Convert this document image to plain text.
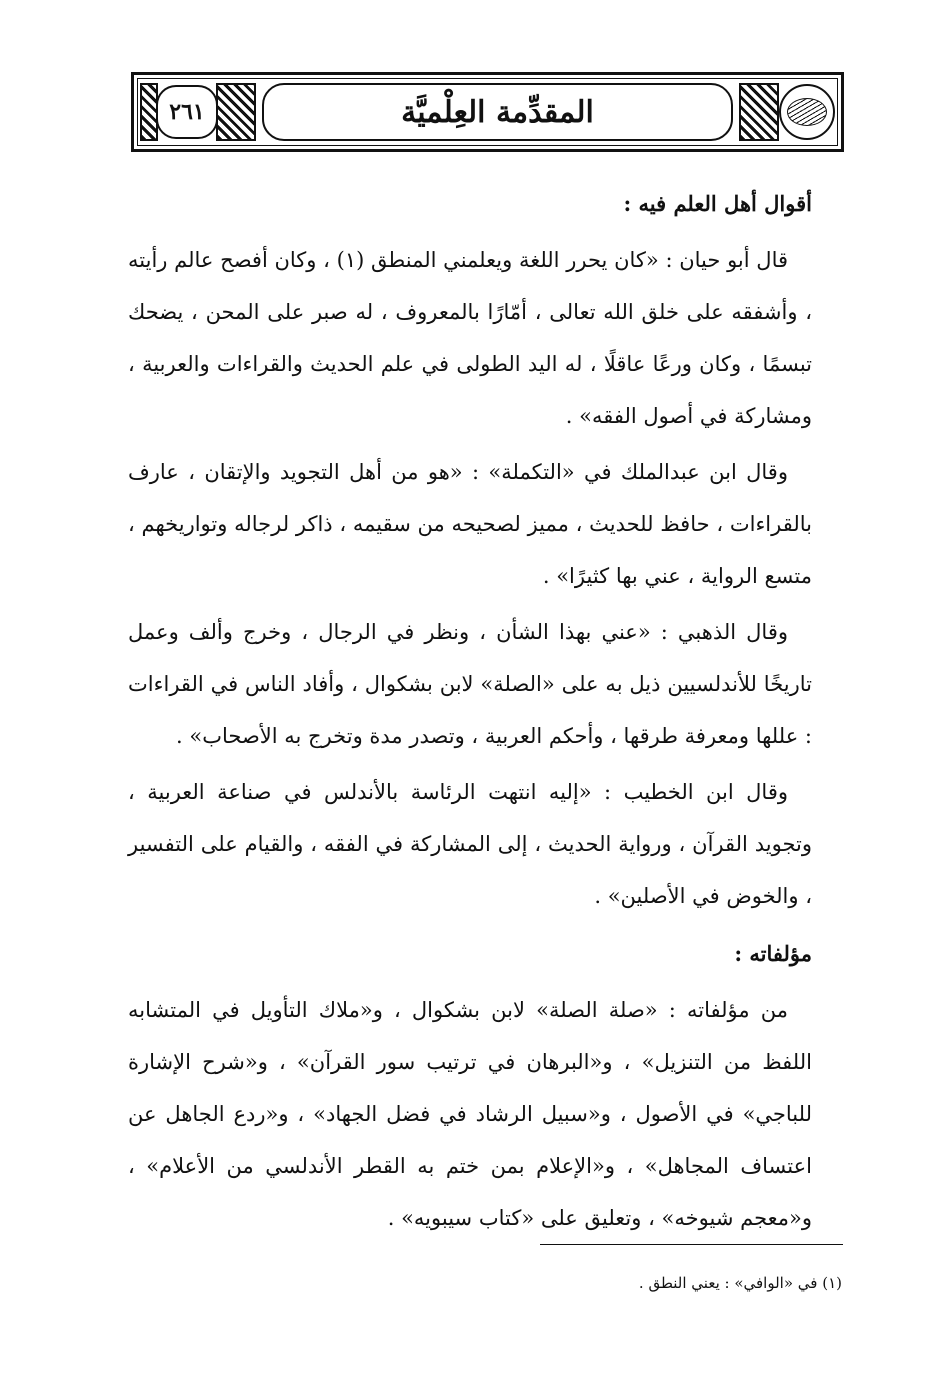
المقدِّمة العِلْميَّة
٢٦١

أقوال أهل العلم فيه :

قال أبو حيان : «كان يحرر اللغة ويعلمني المنطق (١) ، وكان أفصح عالم رأيته ، وأشفقه على خلق الله تعالى ، أمّارًا بالمعروف ، له صبر على المحن ، يضحك تبسمًا ، وكان ورعًا عاقلًا ، له اليد الطولى في علم الحديث والقراءات والعربية ، ومشاركة في أصول الفقه» .

وقال ابن عبدالملك في «التكملة» : «هو من أهل التجويد والإتقان ، عارف بالقراءات ، حافظ للحديث ، مميز لصحيحه من سقيمه ، ذاكر لرجاله وتواريخهم ، متسع الرواية ، عني بها كثيرًا» .

وقال الذهبي : «عني بهذا الشأن ، ونظر في الرجال ، وخرج وألف وعمل تاريخًا للأندلسيين ذيل به على «الصلة» لابن بشكوال ، وأفاد الناس في القراءات : عللها ومعرفة طرقها ، وأحكم العربية ، وتصدر مدة وتخرج به الأصحاب» .

وقال ابن الخطيب : «إليه انتهت الرئاسة بالأندلس في صناعة العربية ، وتجويد القرآن ، ورواية الحديث ، إلى المشاركة في الفقه ، والقيام على التفسير ، والخوض في الأصلين» .

مؤلفاته :

من مؤلفاته : «صلة الصلة» لابن بشكوال ، و«ملاك التأويل في المتشابه اللفظ من التنزيل» ، و«البرهان في ترتيب سور القرآن» ، و«شرح الإشارة للباجي» في الأصول ، و«سبيل الرشاد في فضل الجهاد» ، و«ردع الجاهل عن اعتساف المجاهل» ، و«الإعلام بمن ختم به القطر الأندلسي من الأعلام» ، و«معجم شيوخه» ، وتعليق على «كتاب سيبويه» .

(١) في «الوافي» : يعني النطق .
